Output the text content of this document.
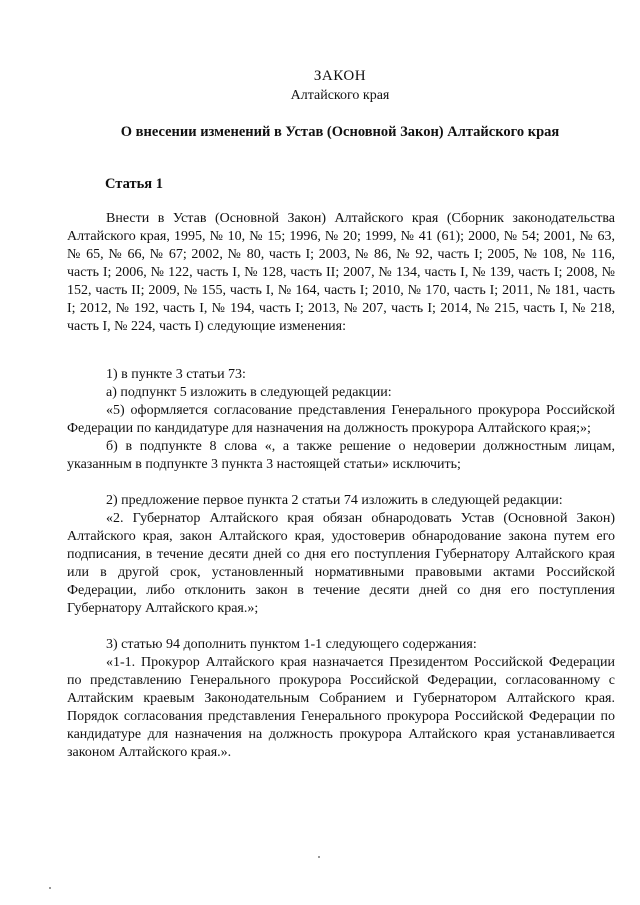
ЗАКОН
Алтайского края
О внесении изменений в Устав (Основной Закон) Алтайского края
Статья 1

Внести в Устав (Основной Закон) Алтайского края (Сборник законодательства Алтайского края, 1995, № 10, № 15; 1996, № 20; 1999, № 41 (61); 2000, № 54; 2001, № 63, № 65, № 66, № 67; 2002, № 80, часть I; 2003, № 86, № 92, часть I; 2005, № 108, № 116, часть I; 2006, № 122, часть I, № 128, часть II; 2007, № 134, часть I, № 139, часть I; 2008, № 152, часть II; 2009, № 155, часть I, № 164, часть I; 2010, № 170, часть I; 2011, № 181, часть I; 2012, № 192, часть I, № 194, часть I; 2013, № 207, часть I; 2014, № 215, часть I, № 218, часть I, № 224, часть I) следующие изменения:

1) в пункте 3 статьи 73:

а) подпункт 5 изложить в следующей редакции:

«5) оформляется согласование представления Генерального прокурора Российской Федерации по кандидатуре для назначения на должность прокурора Алтайского края;»;

б) в подпункте 8 слова «, а также решение о недоверии должностным лицам, указанным в подпункте 3 пункта 3 настоящей статьи» исключить;

2) предложение первое пункта 2 статьи 74 изложить в следующей редакции:

«2. Губернатор Алтайского края обязан обнародовать Устав (Основной Закон) Алтайского края, закон Алтайского края, удостоверив обнародование закона путем его подписания, в течение десяти дней со дня его поступления Губернатору Алтайского края или в другой срок, установленный нормативными правовыми актами Российской Федерации, либо отклонить закон в течение десяти дней со дня его поступления Губернатору Алтайского края.»;

3) статью 94 дополнить пунктом 1-1 следующего содержания:

«1-1. Прокурор Алтайского края назначается Президентом Российской Федерации по представлению Генерального прокурора Российской Федерации, согласованному с Алтайским краевым Законодательным Собранием и Губернатором Алтайского края. Порядок согласования представления Генерального прокурора Российской Федерации по кандидатуре для назначения на должность прокурора Алтайского края устанавливается законом Алтайского края.».
